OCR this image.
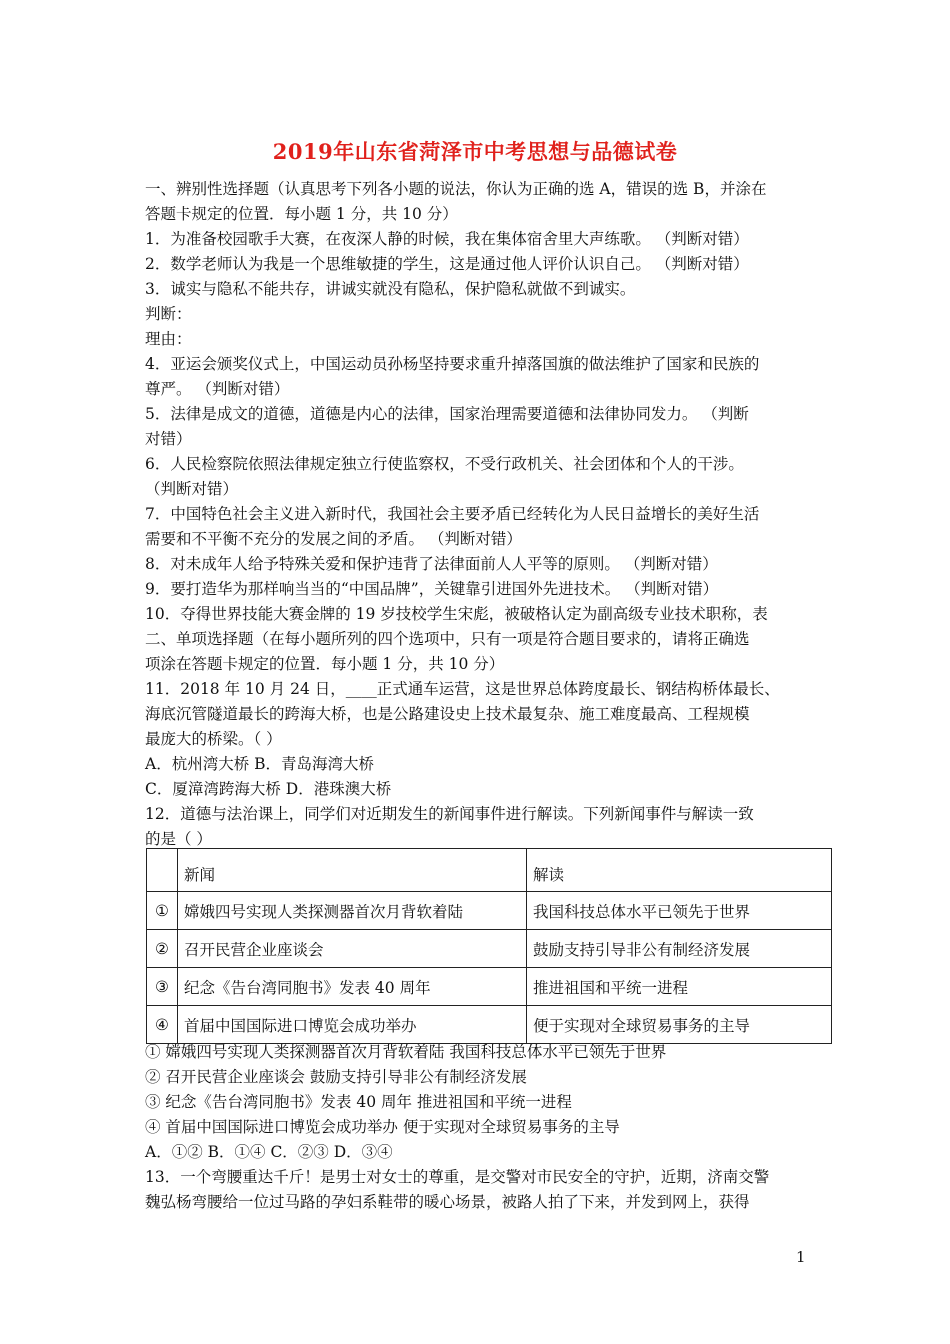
2019年山东省菏泽市中考思想与品德试卷
一、辨别性选择题（认真思考下列各小题的说法，你认为正确的选 A，错误的选 B，并涂在
答题卡规定的位置．每小题 1 分，共 10 分）
1．为准备校园歌手大赛，在夜深人静的时候，我在集体宿舍里大声练歌。 （判断对错）
2．数学老师认为我是一个思维敏捷的学生，这是通过他人评价认识自己。 （判断对错）
3．诚实与隐私不能共存，讲诚实就没有隐私，保护隐私就做不到诚实。
判断：
理由：
4．亚运会颁奖仪式上，中国运动员孙杨坚持要求重升掉落国旗的做法维护了国家和民族的
尊严。 （判断对错）
5．法律是成文的道德，道德是内心的法律，国家治理需要道德和法律协同发力。 （判断
对错）
6．人民检察院依照法律规定独立行使监察权，不受行政机关、社会团体和个人的干涉。
（判断对错）
7．中国特色社会主义进入新时代，我国社会主要矛盾已经转化为人民日益增长的美好生活
需要和不平衡不充分的发展之间的矛盾。 （判断对错）
8．对未成年人给予特殊关爱和保护违背了法律面前人人平等的原则。 （判断对错）
9．要打造华为那样响当当的“中国品牌”，关键靠引进国外先进技术。 （判断对错）
10．夺得世界技能大赛金牌的 19 岁技校学生宋彪，被破格认定为副高级专业技术职称，表
二、单项选择题（在每小题所列的四个选项中，只有一项是符合题目要求的，请将正确选
项涂在答题卡规定的位置．每小题 1 分，共 10 分）
11．2018 年 10 月 24 日，____正式通车运营，这是世界总体跨度最长、钢结构桥体最长、
海底沉管隧道最长的跨海大桥，也是公路建设史上技术最复杂、施工难度最高、工程规模
最庞大的桥梁。（ ）
A．杭州湾大桥 B．青岛海湾大桥
C．厦漳湾跨海大桥 D．港珠澳大桥
12．道德与法治课上，同学们对近期发生的新闻事件进行解读。下列新闻事件与解读一致
的是（ ）
	新闻	解读
①	嫦娥四号实现人类探测器首次月背软着陆	我国科技总体水平已领先于世界
②	召开民营企业座谈会	鼓励支持引导非公有制经济发展
③	纪念《告台湾同胞书》发表 40 周年	推进祖国和平统一进程
④	首届中国国际进口博览会成功举办	便于实现对全球贸易事务的主导
① 嫦娥四号实现人类探测器首次月背软着陆 我国科技总体水平已领先于世界
② 召开民营企业座谈会 鼓励支持引导非公有制经济发展
③ 纪念《告台湾同胞书》发表 40 周年 推进祖国和平统一进程
④ 首届中国国际进口博览会成功举办 便于实现对全球贸易事务的主导
A．①② B．①④ C．②③ D．③④
13．一个弯腰重达千斤！是男士对女士的尊重，是交警对市民安全的守护，近期，济南交警
魏弘杨弯腰给一位过马路的孕妇系鞋带的暖心场景，被路人拍了下来，并发到网上，获得
1
